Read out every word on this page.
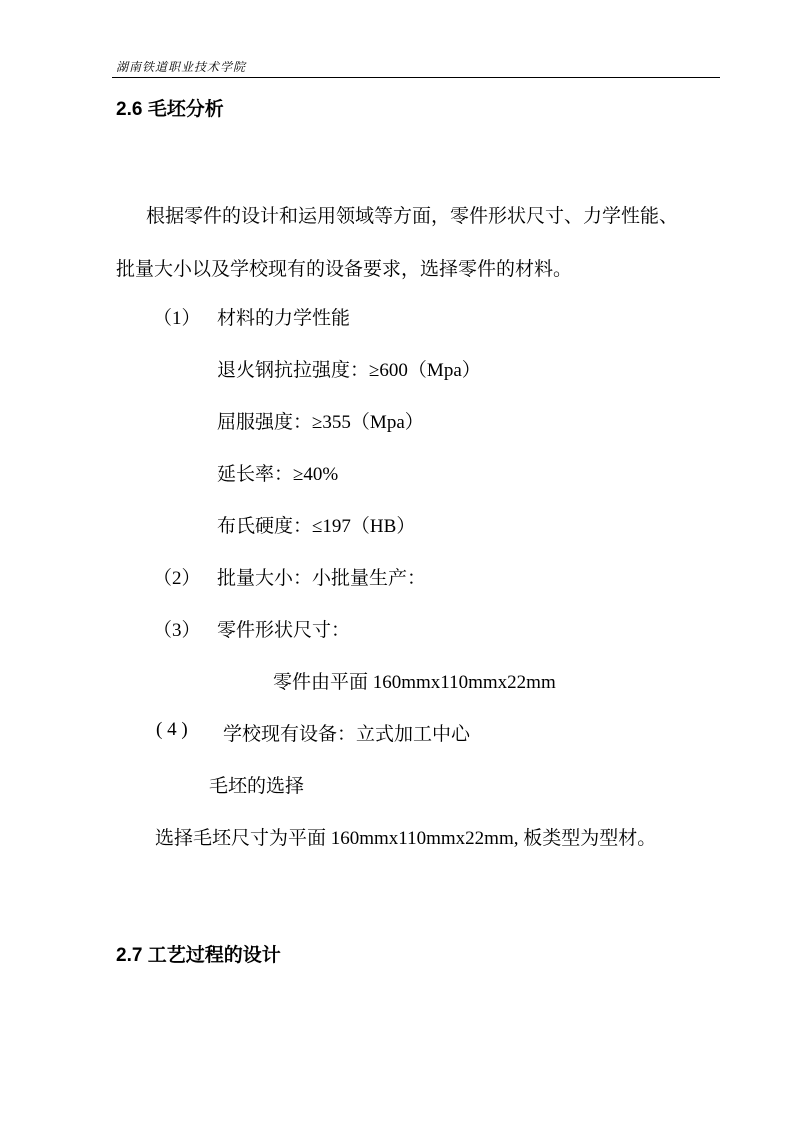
湖南铁道职业技术学院
2.6 毛坯分析
根据零件的设计和运用领域等方面，零件形状尺寸、力学性能、
批量大小以及学校现有的设备要求，选择零件的材料。
（1） 材料的力学性能
退火钢抗拉强度：≥600（Mpa）
屈服强度：≥355（Mpa）
延长率：≥40%
布氏硬度：≤197（HB）
（2） 批量大小：小批量生产：
（3） 零件形状尺寸：
零件由平面 160mmx110mmx22mm
( 4 ) 学校现有设备：立式加工中心
毛坯的选择
选择毛坯尺寸为平面 160mmx110mmx22mm, 板类型为型材。
2.7 工艺过程的设计
